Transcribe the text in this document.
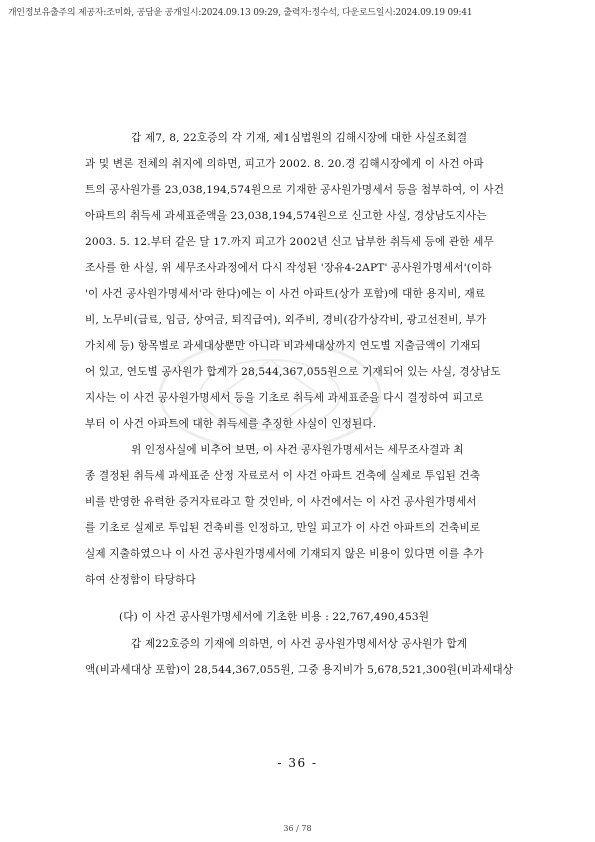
개인정보유출주의 제공자:조미화, 공담윤 공개일시:2024.09.13 09:29, 출력자:정수석, 다운로드일시:2024.09.19 09:41
갑 제7, 8, 22호증의 각 기재, 제1심법원의 김해시장에 대한 사실조회결
과 및 변론 전체의 취지에 의하면, 피고가 2002. 8. 20.경 김해시장에게 이 사건 아파
트의 공사원가를 23,038,194,574원으로 기재한 공사원가명세서 등을 첨부하여, 이 사건
아파트의 취득세 과세표준액을 23,038,194,574원으로 신고한 사실, 경상남도지사는
2003. 5. 12.부터 같은 달 17.까지 피고가 2002년 신고 납부한 취득세 등에 관한 세무
조사를 한 사실, 위 세무조사과정에서 다시 작성된 '장유4-2APT' 공사원가명세서'(이하
'이 사건 공사원가명세서'라 한다)에는 이 사건 아파트(상가 포함)에 대한 용지비, 재료
비, 노무비(급료, 임금, 상여금, 퇴직급여), 외주비, 경비(감가상각비, 광고선전비, 부가
가치세 등) 항목별로 과세대상뿐만 아니라 비과세대상까지 연도별 지출금액이 기재되
어 있고, 연도별 공사원가 합계가 28,544,367,055원으로 기재되어 있는 사실, 경상남도
지사는 이 사건 공사원가명세서 등을 기초로 취득세 과세표준을 다시 결정하여 피고로
부터 이 사건 아파트에 대한 취득세를 추징한 사실이 인정된다.
위 인정사실에 비추어 보면, 이 사건 공사원가명세서는 세무조사결과 최
종 결정된 취득세 과세표준 산정 자료로서 이 사건 아파트 건축에 실제로 투입된 건축
비를 반영한 유력한 증거자료라고 할 것인바, 이 사건에서는 이 사건 공사원가명세서
를 기초로 실제로 투입된 건축비를 인정하고, 만일 피고가 이 사건 아파트의 건축비로
실제 지출하였으나 이 사건 공사원가명세서에 기재되지 않은 비용이 있다면 이를 추가
하여 산정함이 타당하다
(다) 이 사건 공사원가명세서에 기초한 비용 : 22,767,490,453원
갑 제22호증의 기재에 의하면, 이 사건 공사원가명세서상 공사원가 합계
액(비과세대상 포함)이 28,544,367,055원, 그중 용지비가 5,678,521,300원(비과세대상
- 36 -
36 / 78
